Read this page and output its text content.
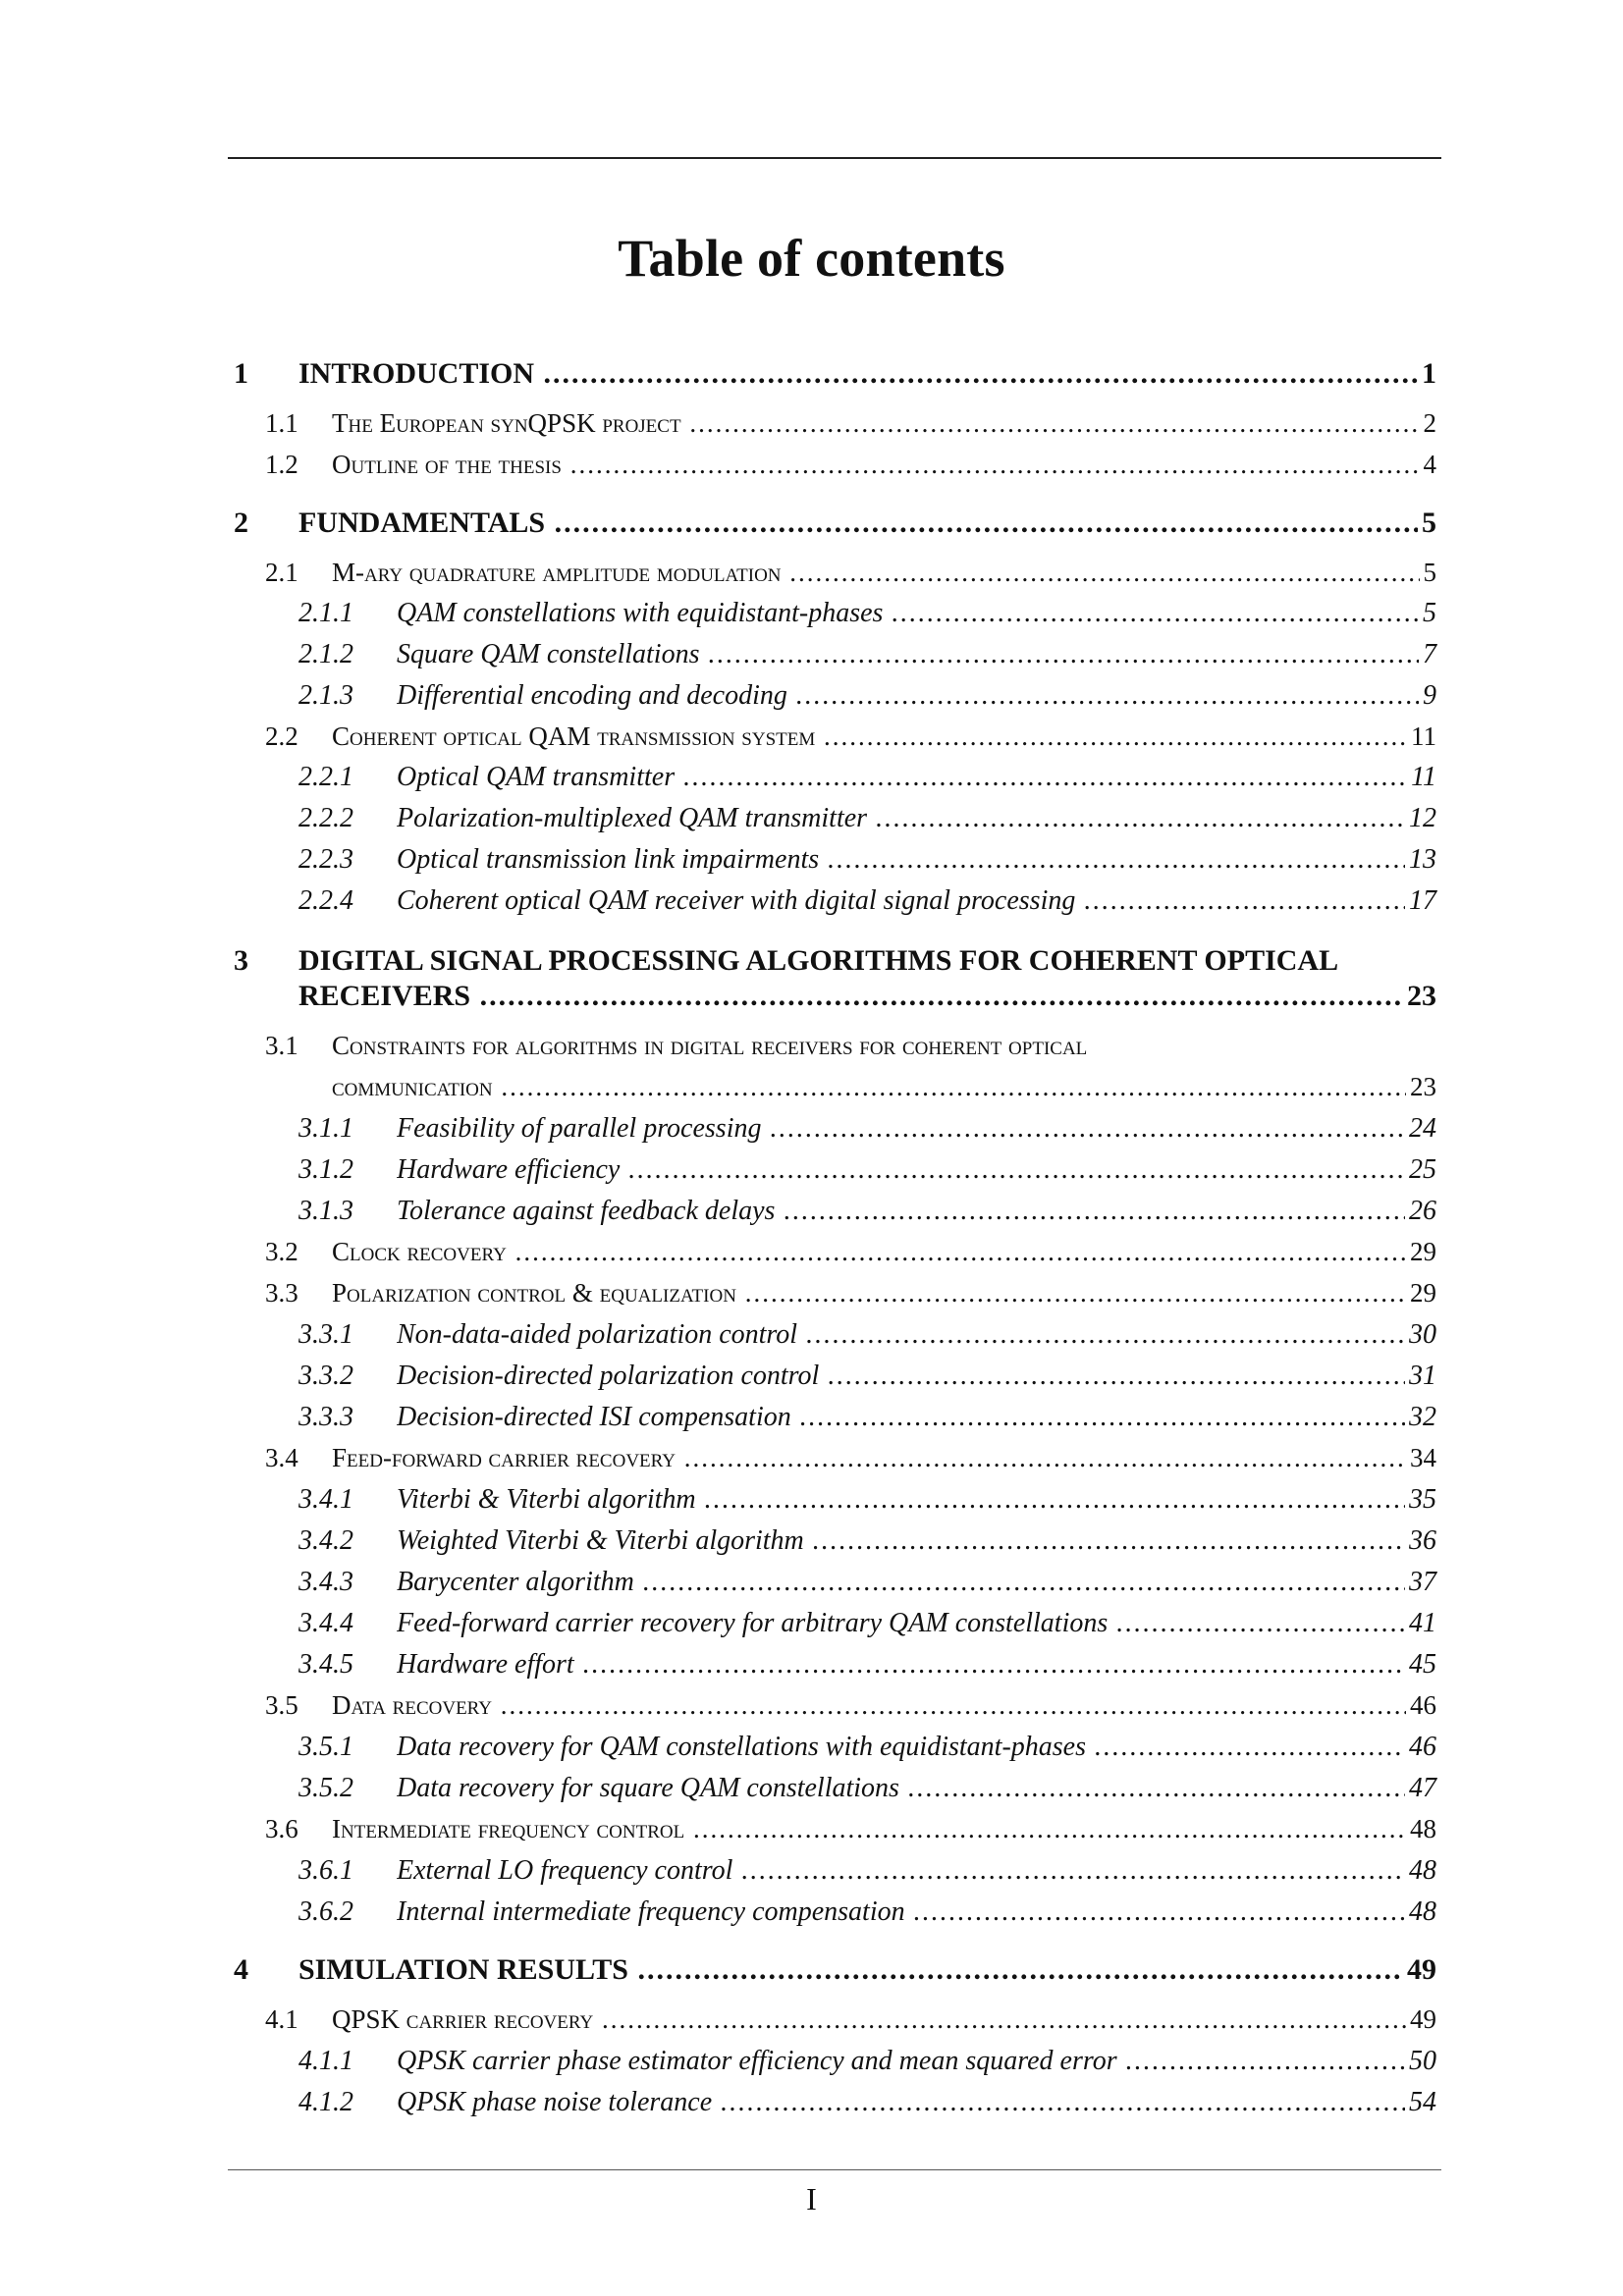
Table of contents
1 INTRODUCTION .....	1
1.1 The European synQPSK project .....	2
1.2 Outline of the thesis .....	4
2 FUNDAMENTALS .....	5
2.1 M-ary quadrature amplitude modulation .....	5
2.1.1 QAM constellations with equidistant-phases .....	5
2.1.2 Square QAM constellations .....	7
2.1.3 Differential encoding and decoding .....	9
2.2 Coherent optical QAM transmission system .....	11
2.2.1 Optical QAM transmitter .....	11
2.2.2 Polarization-multiplexed QAM transmitter .....	12
2.2.3 Optical transmission link impairments .....	13
2.2.4 Coherent optical QAM receiver with digital signal processing .....	17
3 DIGITAL SIGNAL PROCESSING ALGORITHMS FOR COHERENT OPTICAL
RECEIVERS .....	23
3.1 Constraints for algorithms in digital receivers for coherent optical
communication .....	23
3.1.1 Feasibility of parallel processing .....	24
3.1.2 Hardware efficiency .....	25
3.1.3 Tolerance against feedback delays .....	26
3.2 Clock recovery .....	29
3.3 Polarization control & equalization .....	29
3.3.1 Non-data-aided polarization control .....	30
3.3.2 Decision-directed polarization control .....	31
3.3.3 Decision-directed ISI compensation .....	32
3.4 Feed-forward carrier recovery .....	34
3.4.1 Viterbi & Viterbi algorithm .....	35
3.4.2 Weighted Viterbi & Viterbi algorithm .....	36
3.4.3 Barycenter algorithm .....	37
3.4.4 Feed-forward carrier recovery for arbitrary QAM constellations .....	41
3.4.5 Hardware effort .....	45
3.5 Data recovery .....	46
3.5.1 Data recovery for QAM constellations with equidistant-phases .....	46
3.5.2 Data recovery for square QAM constellations .....	47
3.6 Intermediate frequency control .....	48
3.6.1 External LO frequency control .....	48
3.6.2 Internal intermediate frequency compensation .....	48
4 SIMULATION RESULTS .....	49
4.1 QPSK carrier recovery .....	49
4.1.1 QPSK carrier phase estimator efficiency and mean squared error .....	50
4.1.2 QPSK phase noise tolerance .....	54
I
